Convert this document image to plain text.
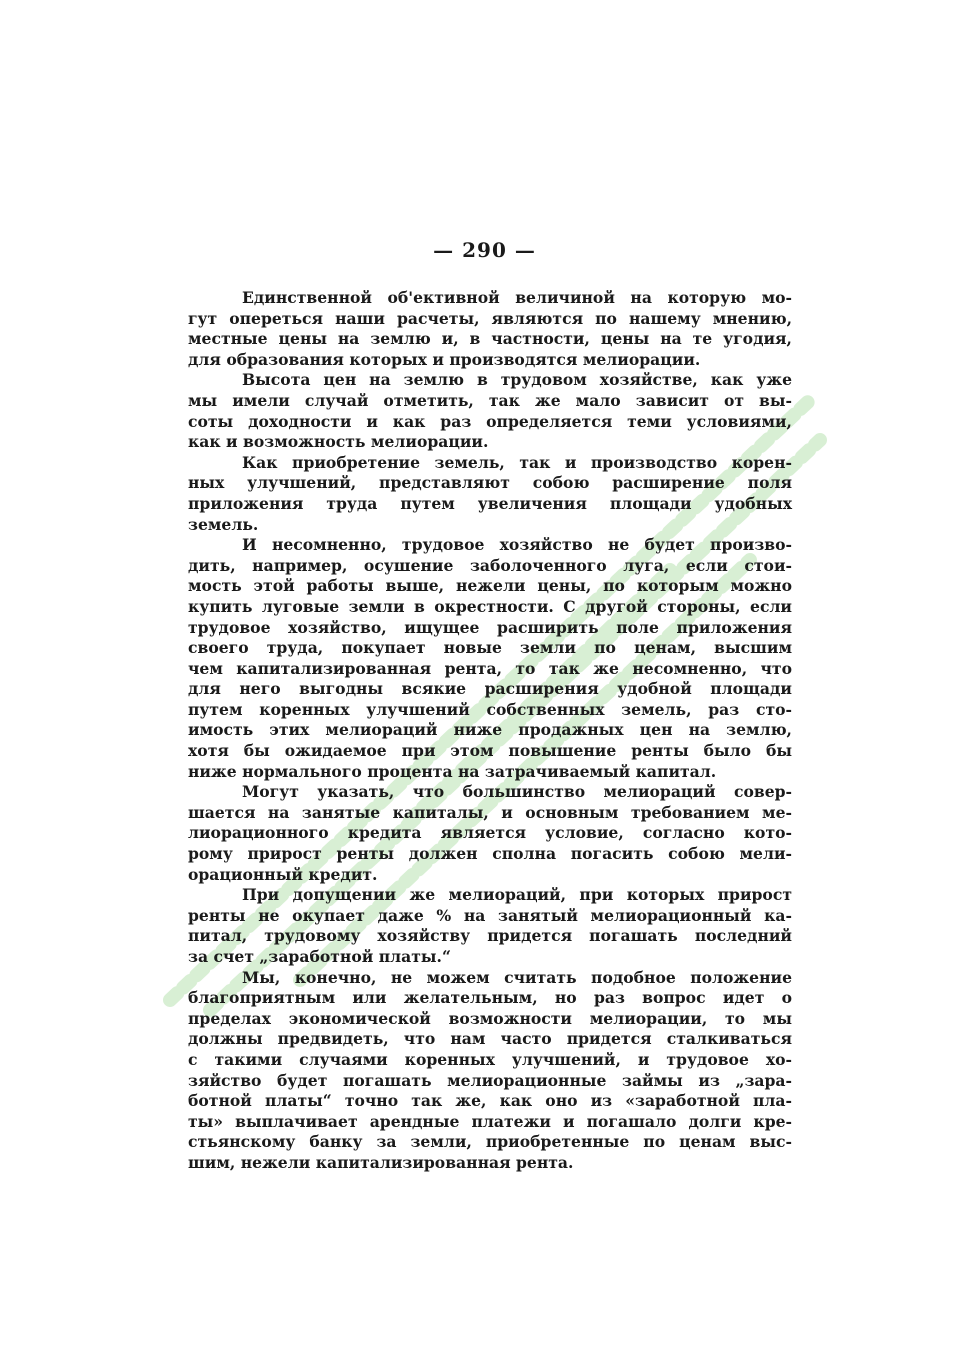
— 290 —
Единственной об'ективной величиной на которую мо-
гут опереться наши расчеты, являются по нашему мнению,
местные цены на землю и, в частности, цены на те угодия,
для образования которых и производятся мелиорации.
Высота цен на землю в трудовом хозяйстве, как уже
мы имели случай отметить, так же мало зависит от вы-
соты доходности и как раз определяется теми условиями,
как и возможность мелиорации.
Как приобретение земель, так и производство корен-
ных улучшений, представляют собою расширение поля
приложения труда путем увеличения площади удобных
земель.
И несомненно, трудовое хозяйство не будет произво-
дить, например, осушение заболоченного луга, если стои-
мость этой работы выше, нежели цены, по которым можно
купить луговые земли в окрестности. С другой стороны, если
трудовое хозяйство, ищущее расширить поле приложения
своего труда, покупает новые земли по ценам, высшим
чем капитализированная рента, то так же несомненно, что
для него выгодны всякие расширения удобной площади
путем коренных улучшений собственных земель, раз сто-
имость этих мелиораций ниже продажных цен на землю,
хотя бы ожидаемое при этом повышение ренты было бы
ниже нормального процента на затрачиваемый капитал.
Могут указать, что большинство мелиораций совер-
шается на занятые капиталы, и основным требованием ме-
лиорационного кредита является условие, согласно кото-
рому прирост ренты должен сполна погасить собою мели-
орационный кредит.
При допущении же мелиораций, при которых прирост
ренты не окупает даже % на занятый мелиорационный ка-
питал, трудовому хозяйству придется погашать последний
за счет „заработной платы.“
Мы, конечно, не можем считать подобное положение
благоприятным или желательным, но раз вопрос идет о
пределах экономической возможности мелиорации, то мы
должны предвидеть, что нам часто придется сталкиваться
с такими случаями коренных улучшений, и трудовое хо-
зяйство будет погашать мелиорационные займы из „зара-
ботной платы“ точно так же, как оно из «заработной пла-
ты» выплачивает арендные платежи и погашало долги кре-
стьянскому банку за земли, приобретенные по ценам выс-
шим, нежели капитализированная рента.
